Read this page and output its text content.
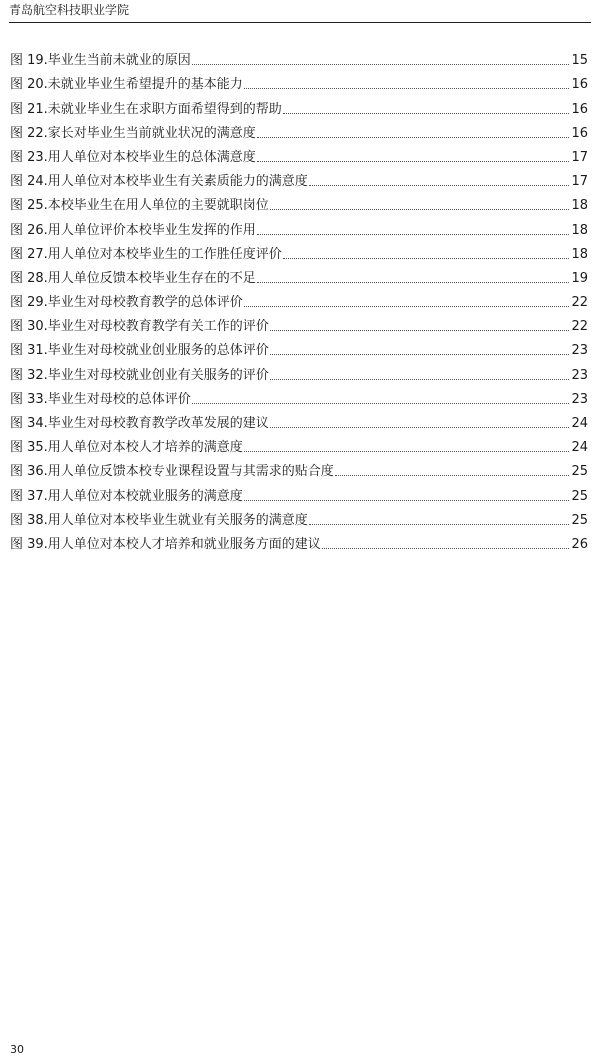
青岛航空科技职业学院
图 19.毕业生当前未就业的原因	15
图 20.未就业毕业生希望提升的基本能力	16
图 21.未就业毕业生在求职方面希望得到的帮助	16
图 22.家长对毕业生当前就业状况的满意度	16
图 23.用人单位对本校毕业生的总体满意度	17
图 24.用人单位对本校毕业生有关素质能力的满意度	17
图 25.本校毕业生在用人单位的主要就职岗位	18
图 26.用人单位评价本校毕业生发挥的作用	18
图 27.用人单位对本校毕业生的工作胜任度评价	18
图 28.用人单位反馈本校毕业生存在的不足	19
图 29.毕业生对母校教育教学的总体评价	22
图 30.毕业生对母校教育教学有关工作的评价	22
图 31.毕业生对母校就业创业服务的总体评价	23
图 32.毕业生对母校就业创业有关服务的评价	23
图 33.毕业生对母校的总体评价	23
图 34.毕业生对母校教育教学改革发展的建议	24
图 35.用人单位对本校人才培养的满意度	24
图 36.用人单位反馈本校专业课程设置与其需求的贴合度	25
图 37.用人单位对本校就业服务的满意度	25
图 38.用人单位对本校毕业生就业有关服务的满意度	25
图 39.用人单位对本校人才培养和就业服务方面的建议	26
30
